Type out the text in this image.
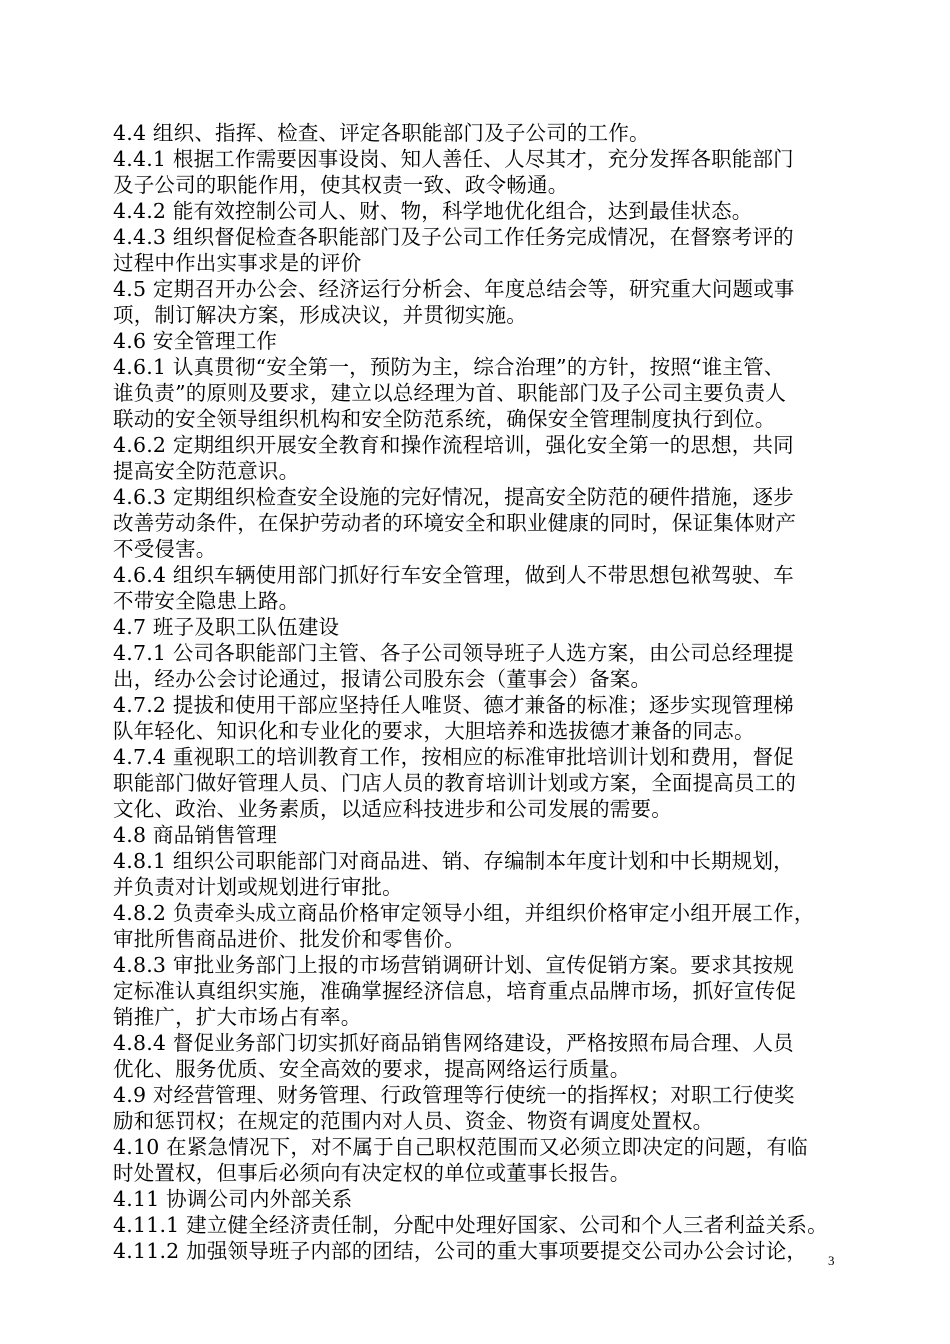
4.4 组织、指挥、检查、评定各职能部门及子公司的工作。
4.4.1 根据工作需要因事设岗、知人善任、人尽其才，充分发挥各职能部门
及子公司的职能作用，使其权责一致、政令畅通。
4.4.2 能有效控制公司人、财、物，科学地优化组合，达到最佳状态。
4.4.3 组织督促检查各职能部门及子公司工作任务完成情况，在督察考评的
过程中作出实事求是的评价
4.5 定期召开办公会、经济运行分析会、年度总结会等，研究重大问题或事
项，制订解决方案，形成决议，并贯彻实施。
4.6 安全管理工作
4.6.1 认真贯彻“安全第一，预防为主，综合治理”的方针，按照“谁主管、
谁负责”的原则及要求，建立以总经理为首、职能部门及子公司主要负责人
联动的安全领导组织机构和安全防范系统，确保安全管理制度执行到位。
4.6.2 定期组织开展安全教育和操作流程培训，强化安全第一的思想，共同
提高安全防范意识。
4.6.3 定期组织检查安全设施的完好情况，提高安全防范的硬件措施，逐步
改善劳动条件，在保护劳动者的环境安全和职业健康的同时，保证集体财产
不受侵害。
4.6.4 组织车辆使用部门抓好行车安全管理，做到人不带思想包袱驾驶、车
不带安全隐患上路。
4.7 班子及职工队伍建设
4.7.1 公司各职能部门主管、各子公司领导班子人选方案，由公司总经理提
出，经办公会讨论通过，报请公司股东会（董事会）备案。
4.7.2 提拔和使用干部应坚持任人唯贤、德才兼备的标准；逐步实现管理梯
队年轻化、知识化和专业化的要求，大胆培养和选拔德才兼备的同志。
4.7.4 重视职工的培训教育工作，按相应的标准审批培训计划和费用，督促
职能部门做好管理人员、门店人员的教育培训计划或方案，全面提高员工的
文化、政治、业务素质，以适应科技进步和公司发展的需要。
4.8 商品销售管理
4.8.1 组织公司职能部门对商品进、销、存编制本年度计划和中长期规划，
并负责对计划或规划进行审批。
4.8.2 负责牵头成立商品价格审定领导小组，并组织价格审定小组开展工作，
审批所售商品进价、批发价和零售价。
4.8.3 审批业务部门上报的市场营销调研计划、宣传促销方案。要求其按规
定标准认真组织实施，准确掌握经济信息，培育重点品牌市场，抓好宣传促
销推广，扩大市场占有率。
4.8.4 督促业务部门切实抓好商品销售网络建设，严格按照布局合理、人员
优化、服务优质、安全高效的要求，提高网络运行质量。
4.9 对经营管理、财务管理、行政管理等行使统一的指挥权；对职工行使奖
励和惩罚权；在规定的范围内对人员、资金、物资有调度处置权。
4.10 在紧急情况下，对不属于自己职权范围而又必须立即决定的问题，有临
时处置权，但事后必须向有决定权的单位或董事长报告。
4.11 协调公司内外部关系
4.11.1 建立健全经济责任制，分配中处理好国家、公司和个人三者利益关系。
4.11.2 加强领导班子内部的团结，公司的重大事项要提交公司办公会讨论，	3
